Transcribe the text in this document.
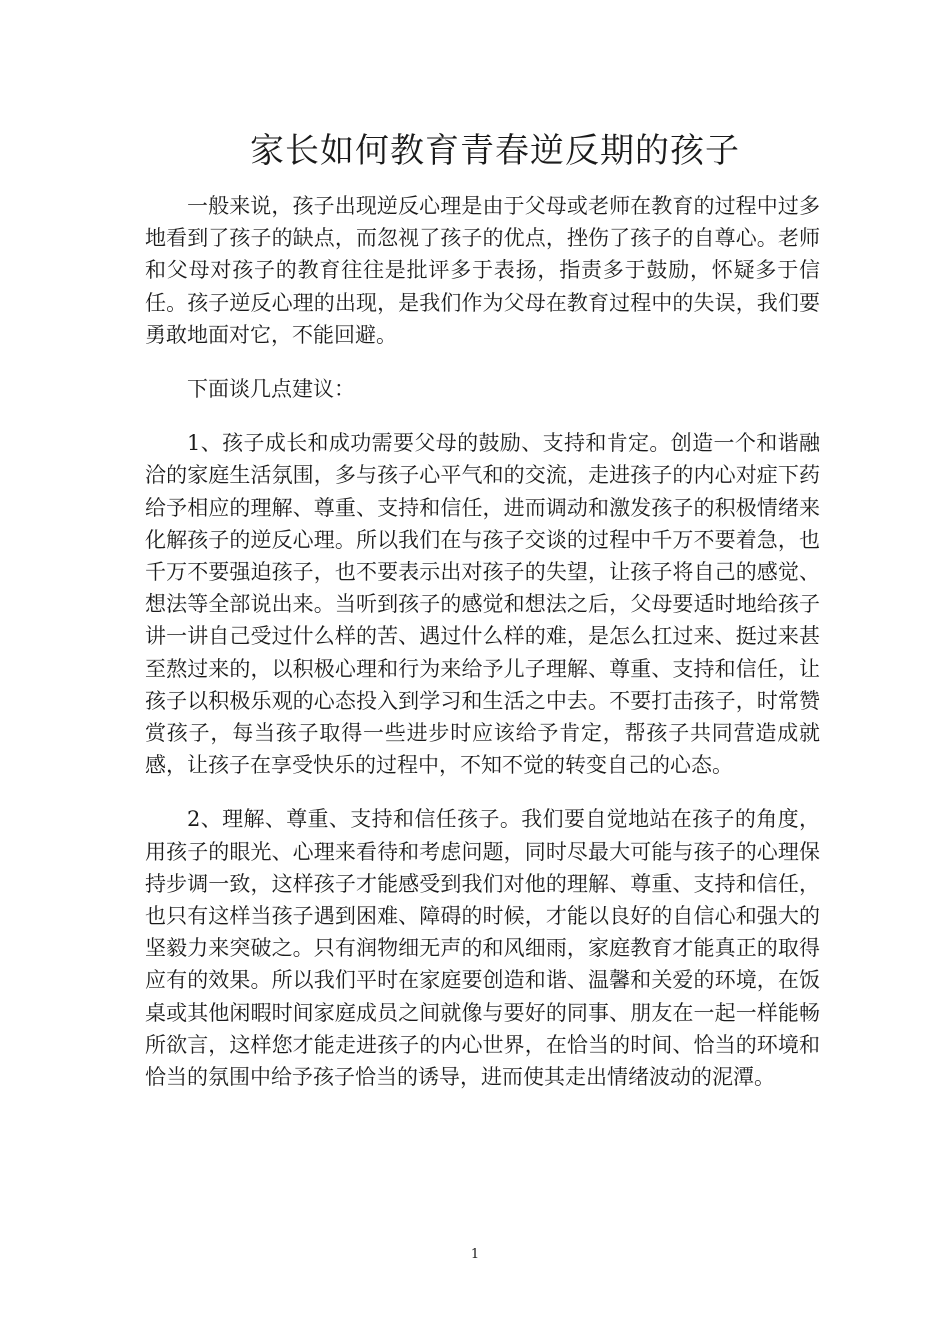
家长如何教育青春逆反期的孩子

一般来说，孩子出现逆反心理是由于父母或老师在教育的过程中过多地看到了孩子的缺点，而忽视了孩子的优点，挫伤了孩子的自尊心。老师和父母对孩子的教育往往是批评多于表扬，指责多于鼓励，怀疑多于信任。孩子逆反心理的出现，是我们作为父母在教育过程中的失误，我们要勇敢地面对它，不能回避。

下面谈几点建议：

1、孩子成长和成功需要父母的鼓励、支持和肯定。创造一个和谐融洽的家庭生活氛围，多与孩子心平气和的交流，走进孩子的内心对症下药给予相应的理解、尊重、支持和信任，进而调动和激发孩子的积极情绪来化解孩子的逆反心理。所以我们在与孩子交谈的过程中千万不要着急，也千万不要强迫孩子，也不要表示出对孩子的失望，让孩子将自己的感觉、想法等全部说出来。当听到孩子的感觉和想法之后，父母要适时地给孩子讲一讲自己受过什么样的苦、遇过什么样的难，是怎么扛过来、挺过来甚至熬过来的，以积极心理和行为来给予儿子理解、尊重、支持和信任，让孩子以积极乐观的心态投入到学习和生活之中去。不要打击孩子，时常赞赏孩子，每当孩子取得一些进步时应该给予肯定，帮孩子共同营造成就感，让孩子在享受快乐的过程中，不知不觉的转变自己的心态。

2、理解、尊重、支持和信任孩子。我们要自觉地站在孩子的角度，用孩子的眼光、心理来看待和考虑问题，同时尽最大可能与孩子的心理保持步调一致，这样孩子才能感受到我们对他的理解、尊重、支持和信任，也只有这样当孩子遇到困难、障碍的时候，才能以良好的自信心和强大的坚毅力来突破之。只有润物细无声的和风细雨，家庭教育才能真正的取得应有的效果。所以我们平时在家庭要创造和谐、温馨和关爱的环境，在饭桌或其他闲暇时间家庭成员之间就像与要好的同事、朋友在一起一样能畅所欲言，这样您才能走进孩子的内心世界，在恰当的时间、恰当的环境和恰当的氛围中给予孩子恰当的诱导，进而使其走出情绪波动的泥潭。

1
